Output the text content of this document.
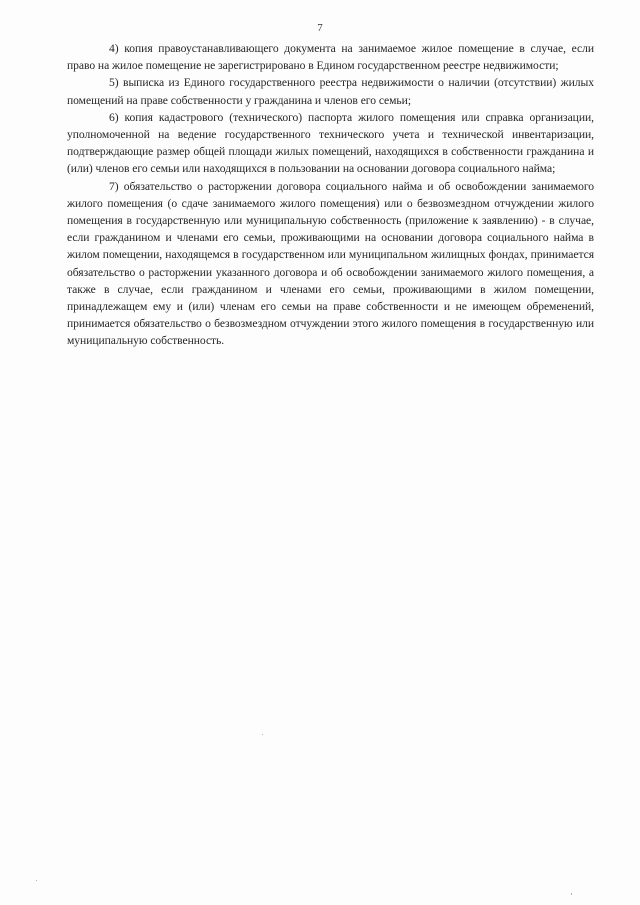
7

4) копия правоустанавливающего документа на занимаемое жилое помещение в случае, если право на жилое помещение не зарегистрировано в Едином государственном реестре недвижимости;

5) выписка из Единого государственного реестра недвижимости о наличии (отсутствии) жилых помещений на праве собственности у гражданина и членов его семьи;

6) копия кадастрового (технического) паспорта жилого помещения или справка организации, уполномоченной на ведение государственного технического учета и технической инвентаризации, подтверждающие размер общей площади жилых помещений, находящихся в собственности гражданина и (или) членов его семьи или находящихся в пользовании на основании договора социального найма;

7) обязательство о расторжении договора социального найма и об освобождении занимаемого жилого помещения (о сдаче занимаемого жилого помещения) или о безвозмездном отчуждении жилого помещения в государственную или муниципальную собственность (приложение к заявлению) - в случае, если гражданином и членами его семьи, проживающими на основании договора социального найма в жилом помещении, находящемся в государственном или муниципальном жилищных фондах, принимается обязательство о расторжении указанного договора и об освобождении занимаемого жилого помещения, а также в случае, если гражданином и членами его семьи, проживающими в жилом помещении, принадлежащем ему и (или) членам его семьи на праве собственности и не имеющем обременений, принимается обязательство о безвозмездном отчуждении этого жилого помещения в государственную или муниципальную собственность.
